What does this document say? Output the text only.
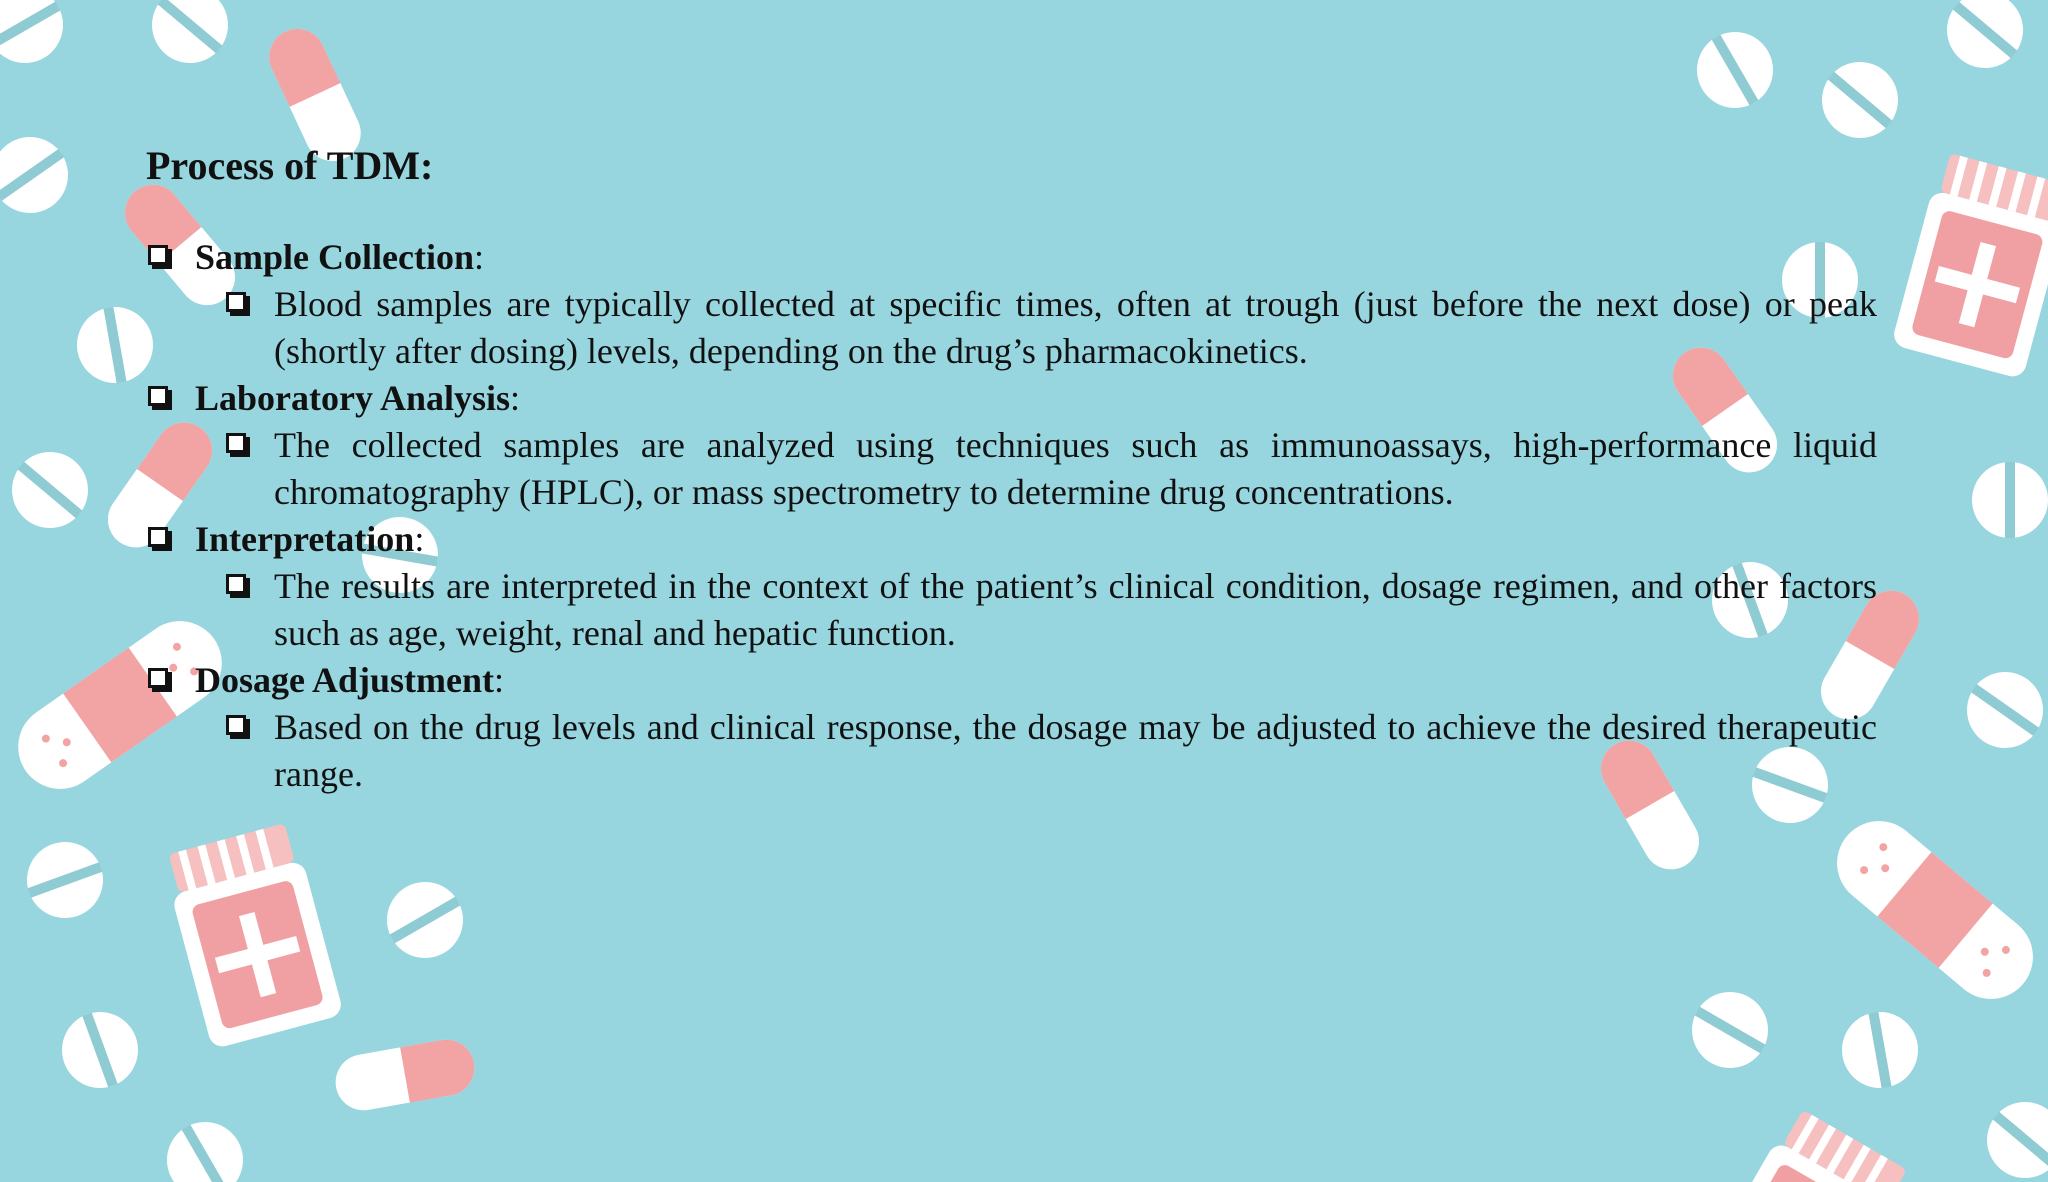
Process of TDM:
Sample Collection:
Blood samples are typically collected at specific times, often at trough (just before the next dose) or peak (shortly after dosing) levels, depending on the drug’s pharmacokinetics.
Laboratory Analysis:
The collected samples are analyzed using techniques such as immunoassays, high-performance liquid chromatography (HPLC), or mass spectrometry to determine drug concentrations.
Interpretation:
The results are interpreted in the context of the patient’s clinical condition, dosage regimen, and other factors such as age, weight, renal and hepatic function.
Dosage Adjustment:
Based on the drug levels and clinical response, the dosage may be adjusted to achieve the desired therapeutic range.
